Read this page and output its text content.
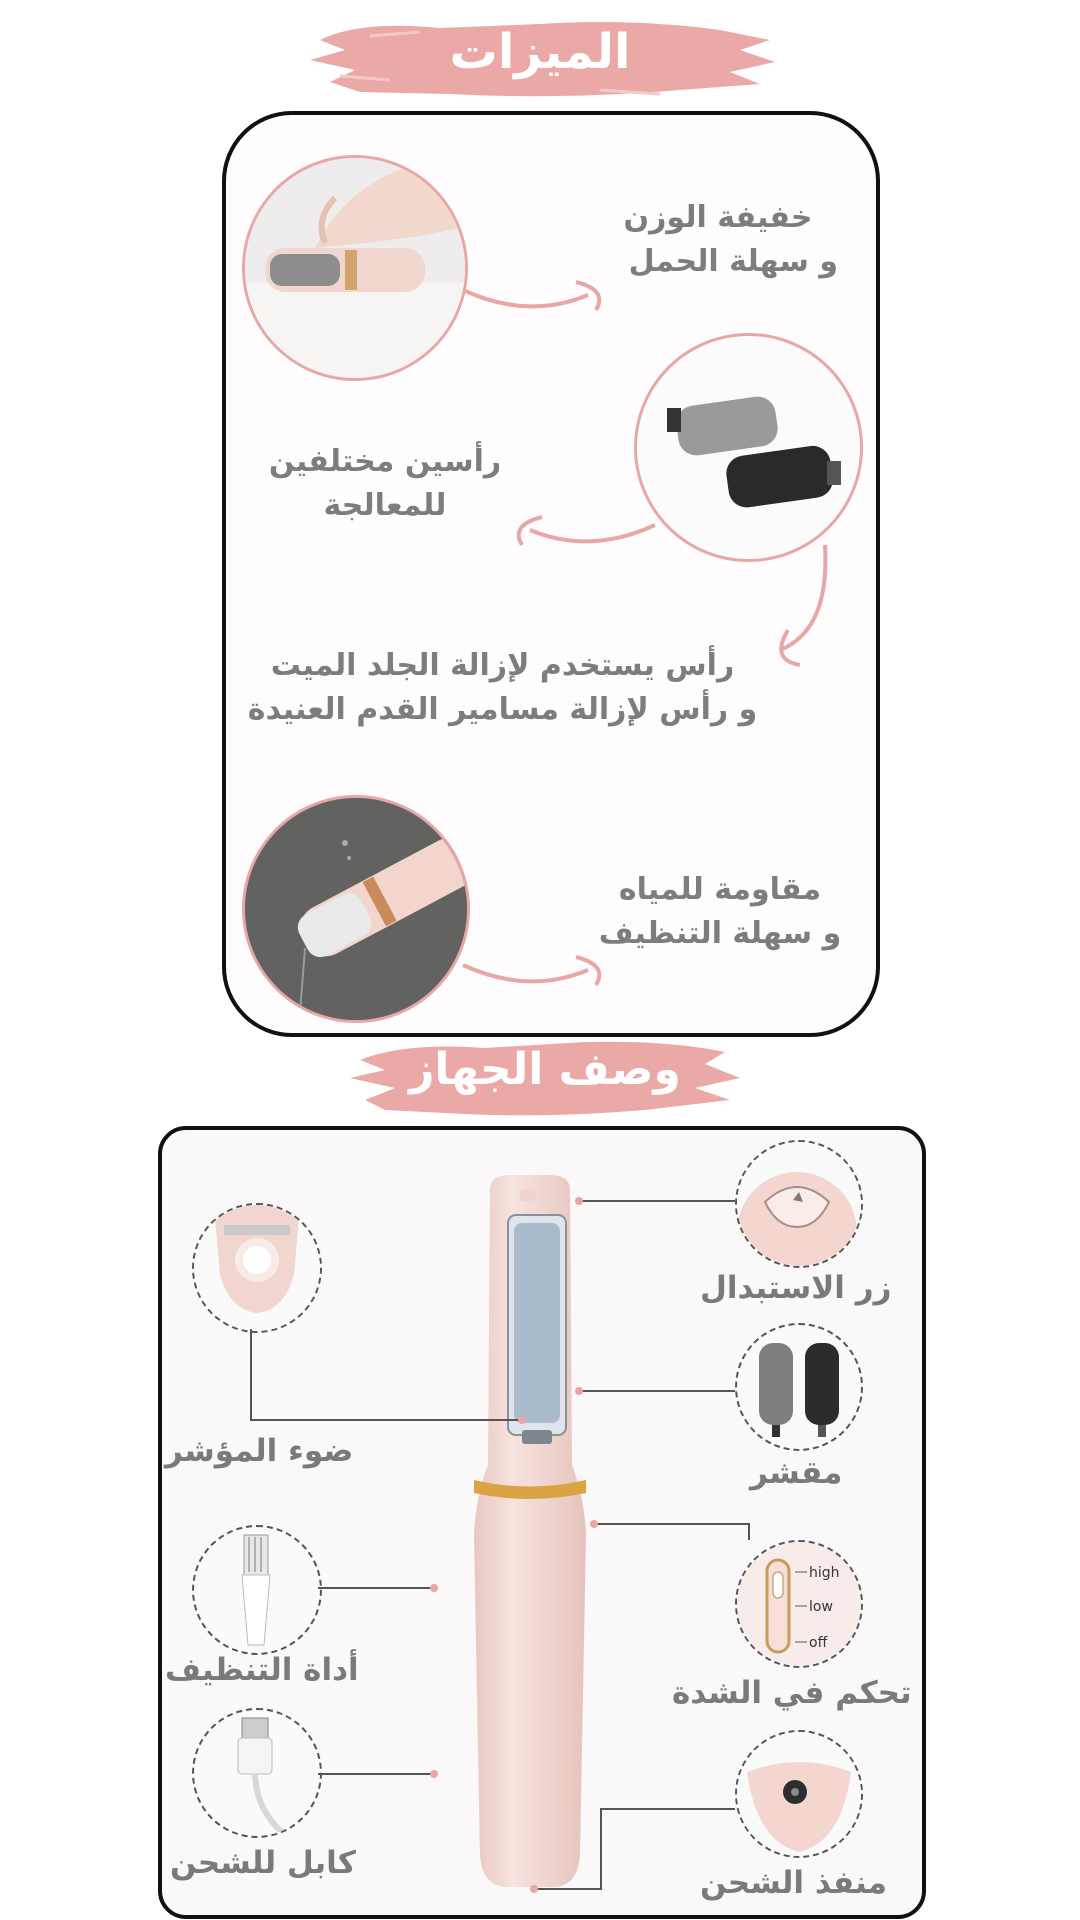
الميزات
خفيفة الوزن
و سهلة الحمل
رأسين مختلفين
للمعالجة
رأس يستخدم لإزالة الجلد الميت
و رأس لإزالة مسامير القدم العنيدة
مقاومة للمياه
و سهلة التنظيف
وصف الجهاز
زر الاستبدال
مقشر
high
low
off
تحكم في الشدة
منفذ الشحن
ضوء المؤشر
أداة التنظيف
كابل للشحن
